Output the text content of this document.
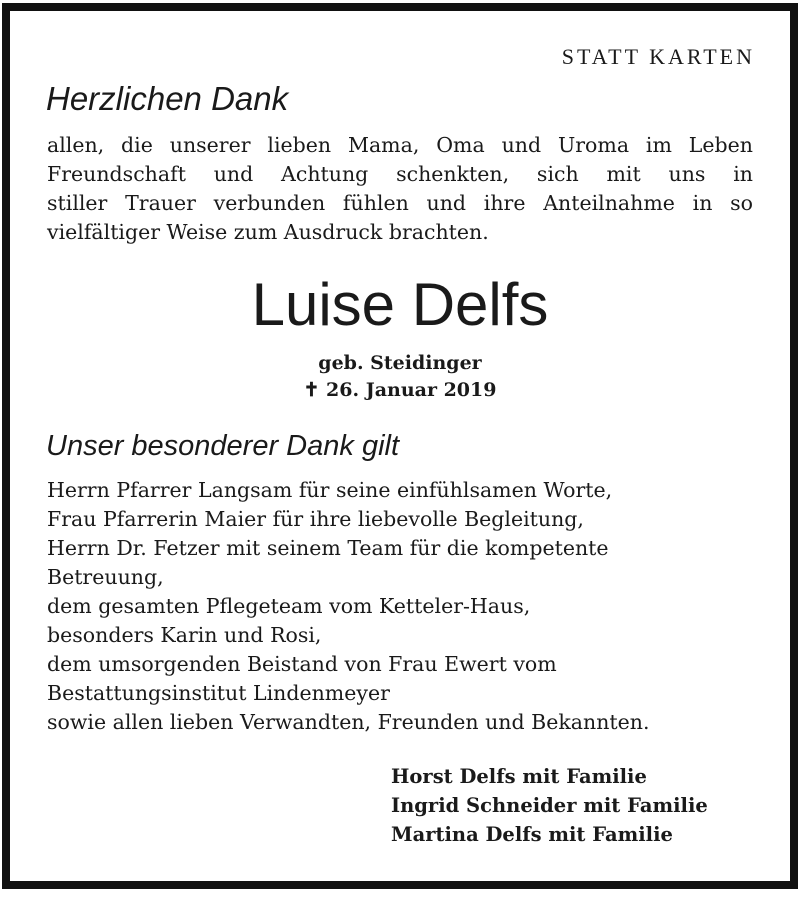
STATT KARTEN
Herzlichen Dank
allen, die unserer lieben Mama, Oma und Uroma im Leben
Freundschaft und Achtung schenkten, sich mit uns in
stiller Trauer verbunden fühlen und ihre Anteilnahme in so
vielfältiger Weise zum Ausdruck brachten.
Luise Delfs
geb. Steidinger
✝ 26. Januar 2019
Unser besonderer Dank gilt
Herrn Pfarrer Langsam für seine einfühlsamen Worte,
Frau Pfarrerin Maier für ihre liebevolle Begleitung,
Herrn Dr. Fetzer mit seinem Team für die kompetente
Betreuung,
dem gesamten Pflegeteam vom Ketteler-Haus,
besonders Karin und Rosi,
dem umsorgenden Beistand von Frau Ewert vom
Bestattungsinstitut Lindenmeyer
sowie allen lieben Verwandten, Freunden und Bekannten.
Horst Delfs mit Familie
Ingrid Schneider mit Familie
Martina Delfs mit Familie
